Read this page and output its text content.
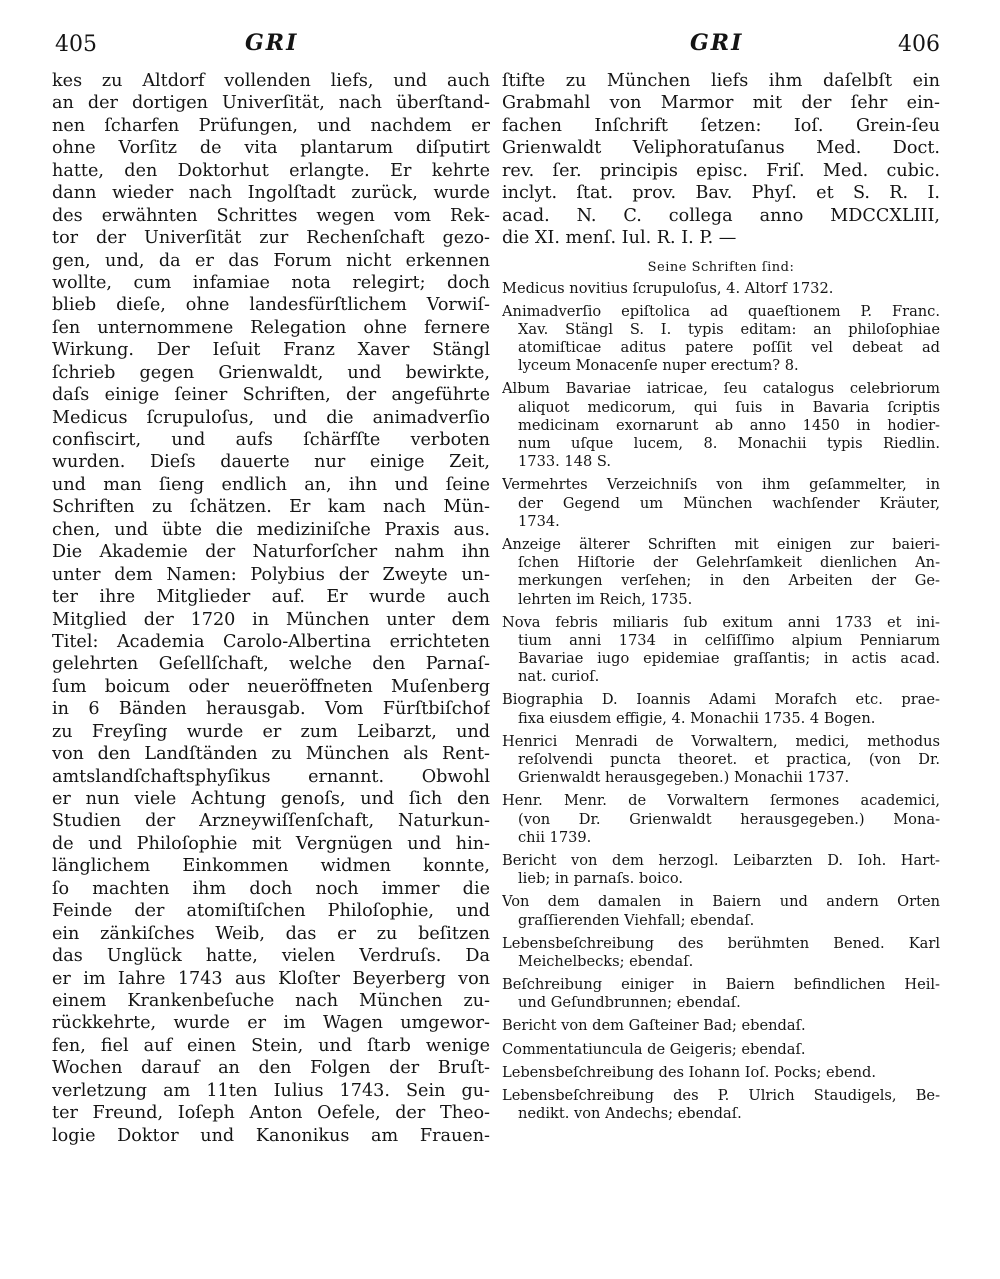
405	GRI	GRI	406
kes zu Altdorf vollenden liefs, und auch
an der dortigen Univerſität, nach überſtand-
nen ſcharfen Prüfungen, und nachdem er
ohne Vorſitz de vita plantarum diſputirt
hatte, den Doktorhut erlangte. Er kehrte
dann wieder nach Ingolſtadt zurück, wurde
des erwähnten Schrittes wegen vom Rek-
tor der Univerſität zur Rechenſchaft gezo-
gen, und, da er das Forum nicht erkennen
wollte, cum infamiae nota relegirt; doch
blieb dieſe, ohne landesfürſtlichem Vorwiſ-
ſen unternommene Relegation ohne fernere
Wirkung. Der Ieſuit Franz Xaver Stängl
ſchrieb gegen Grienwaldt, und bewirkte,
daſs einige ſeiner Schriften, der angeführte
Medicus ſcrupuloſus, und die animadverſio
confiscirt, und aufs ſchärfſte verboten
wurden. Dieſs dauerte nur einige Zeit,
und man ſieng endlich an, ihn und ſeine
Schriften zu ſchätzen. Er kam nach Mün-
chen, und übte die mediziniſche Praxis aus.
Die Akademie der Naturforſcher nahm ihn
unter dem Namen: Polybius der Zweyte un-
ter ihre Mitglieder auf. Er wurde auch
Mitglied der 1720 in München unter dem
Titel: Academia Carolo-Albertina errichteten
gelehrten Geſellſchaft, welche den Parnaſ-
ſum boicum oder neueröffneten Muſenberg
in 6 Bänden herausgab. Vom Fürſtbiſchof
zu Freyſing wurde er zum Leibarzt, und
von den Landſtänden zu München als Rent-
amtslandſchaftsphyſikus ernannt. Obwohl
er nun viele Achtung genoſs, und ſich den
Studien der Arzneywiſſenſchaft, Naturkun-
de und Philoſophie mit Vergnügen und hin-
länglichem Einkommen widmen konnte,
ſo machten ihm doch noch immer die
Feinde der atomiſtiſchen Philoſophie, und
ein zänkiſches Weib, das er zu beſitzen
das Unglück hatte, vielen Verdruſs. Da
er im Iahre 1743 aus Kloſter Beyerberg von
einem Krankenbeſuche nach München zu-
rückkehrte, wurde er im Wagen umgewor-
fen, fiel auf einen Stein, und ſtarb wenige
Wochen darauf an den Folgen der Bruſt-
verletzung am 11ten Iulius 1743. Sein gu-
ter Freund, Ioſeph Anton Oefele, der Theo-
logie Doktor und Kanonikus am Frauen-
ſtifte zu München liefs ihm daſelbſt ein
Grabmahl von Marmor mit der ſehr ein-
fachen Inſchrift ſetzen: Ioſ. Grein-ſeu
Grienwaldt Veliphoratuſanus Med. Doct.
rev. ſer. principis episc. Friſ. Med. cubic.
inclyt. ſtat. prov. Bav. Phyſ. et S. R. I.
acad. N. C. collega anno MDCCXLIII,
die XI. menſ. Iul. R. I. P. —
Seine Schriften ſind:
Medicus novitius ſcrupuloſus, 4. Altorf 1732.
Animadverſio epiſtolica ad quaeſtionem P. Franc.
Xav. Stängl S. I. typis editam: an philoſophiae
atomiſticae aditus patere poſſit vel debeat ad
lyceum Monacenſe nuper erectum? 8.
Album Bavariae iatricae, ſeu catalogus celebriorum
aliquot medicorum, qui ſuis in Bavaria ſcriptis
medicinam exornarunt ab anno 1450 in hodier-
num uſque lucem, 8. Monachii typis Riedlin.
1733. 148 S.
Vermehrtes Verzeichniſs von ihm geſammelter, in
der Gegend um München wachſender Kräuter,
1734.
Anzeige älterer Schriften mit einigen zur baieri-
ſchen Hiſtorie der Gelehrſamkeit dienlichen An-
merkungen verſehen; in den Arbeiten der Ge-
lehrten im Reich, 1735.
Nova febris miliaris ſub exitum anni 1733 et ini-
tium anni 1734 in celſiſſimo alpium Penniarum
Bavariae iugo epidemiae graſſantis; in actis acad.
nat. curioſ.
Biographia D. Ioannis Adami Morafch etc. prae-
fixa eiusdem effigie, 4. Monachii 1735. 4 Bogen.
Henrici Menradi de Vorwaltern, medici, methodus
reſolvendi puncta theoret. et practica, (von Dr.
Grienwaldt herausgegeben.) Monachii 1737.
Henr. Menr. de Vorwaltern ſermones academici,
(von Dr. Grienwaldt herausgegeben.) Mona-
chii 1739.
Bericht von dem herzogl. Leibarzten D. Ioh. Hart-
lieb; in parnaſs. boico.
Von dem damalen in Baiern und andern Orten
graſſierenden Viehfall; ebendaſ.
Lebensbeſchreibung des berühmten Bened. Karl
Meichelbecks; ebendaſ.
Beſchreibung einiger in Baiern befindlichen Heil-
und Geſundbrunnen; ebendaſ.
Bericht von dem Gaſteiner Bad; ebendaſ.
Commentatiuncula de Geigeris; ebendaſ.
Lebensbeſchreibung des Iohann Ioſ. Pocks; ebend.
Lebensbeſchreibung des P. Ulrich Staudigels, Be-
nedikt. von Andechs; ebendaſ.
